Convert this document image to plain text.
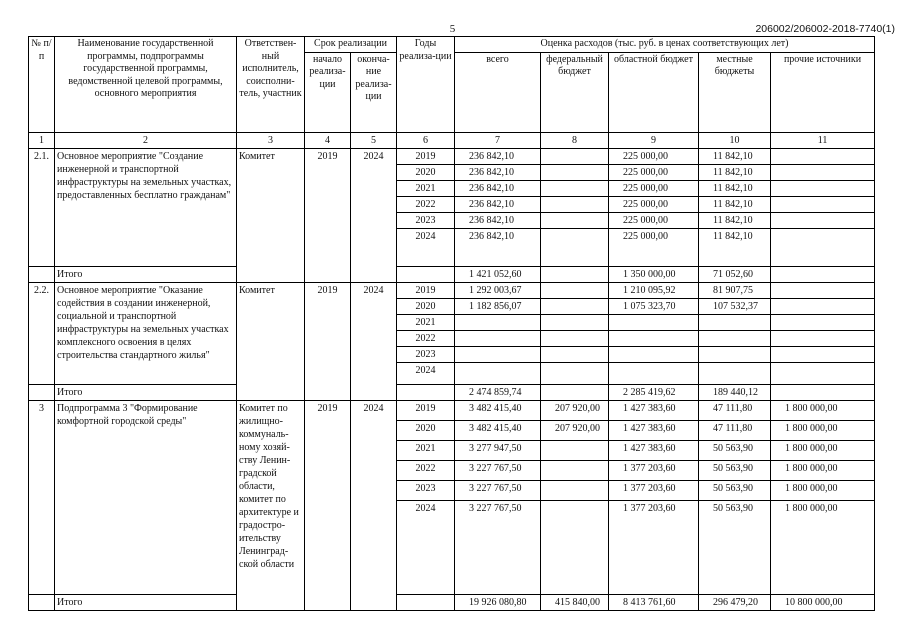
5	206002/206002-2018-7740(1)
№ п/п	Наименование государственной программы, подпрограммы государственной программы, ведомственной целевой программы, основного мероприятия	Ответствен-ный исполнитель, соисполни-тель, участник	Срок реализации		Годы реализа-ции	Оценка расходов (тыс. руб. в ценах соответствующих лет)				
			начало реализа-ции	оконча-ние реализа-ции		всего	федеральный бюджет	областной бюджет	местные бюджеты	прочие источники
1	2	3	4	5	6	7	8	9	10	11
2.1.	Основное мероприятие "Создание инженерной и транспортной инфраструктуры на земельных участках, предоставленных бесплатно гражданам"	Комитет	2019	2024	2019	236 842,10		225 000,00	11 842,10	
					2020	236 842,10		225 000,00	11 842,10	
					2021	236 842,10		225 000,00	11 842,10	
					2022	236 842,10		225 000,00	11 842,10	
					2023	236 842,10		225 000,00	11 842,10	
					2024	236 842,10		225 000,00	11 842,10	
	Итого					1 421 052,60		1 350 000,00	71 052,60	
2.2.	Основное мероприятие "Оказание содействия в создании инженерной, социальной и транспортной инфраструктуры на земельных участках комплексного освоения в целях строительства стандартного жилья"	Комитет	2019	2024	2019	1 292 003,67		1 210 095,92	81 907,75	
					2020	1 182 856,07		1 075 323,70	107 532,37	
					2021					
					2022					
					2023					
					2024					
	Итого					2 474 859,74		2 285 419,62	189 440,12	
3	Подпрограмма 3 "Формирование комфортной городской среды"	Комитет по жилищно-коммуналь-ному хозяй-ству Ленин-градской области, комитет по архитектуре и градостро-ительству Ленинград-ской области	2019	2024	2019	3 482 415,40	207 920,00	1 427 383,60	47 111,80	1 800 000,00
					2020	3 482 415,40	207 920,00	1 427 383,60	47 111,80	1 800 000,00
					2021	3 277 947,50		1 427 383,60	50 563,90	1 800 000,00
					2022	3 227 767,50		1 377 203,60	50 563,90	1 800 000,00
					2023	3 227 767,50		1 377 203,60	50 563,90	1 800 000,00
					2024	3 227 767,50		1 377 203,60	50 563,90	1 800 000,00
	Итого					19 926 080,80	415 840,00	8 413 761,60	296 479,20	10 800 000,00
